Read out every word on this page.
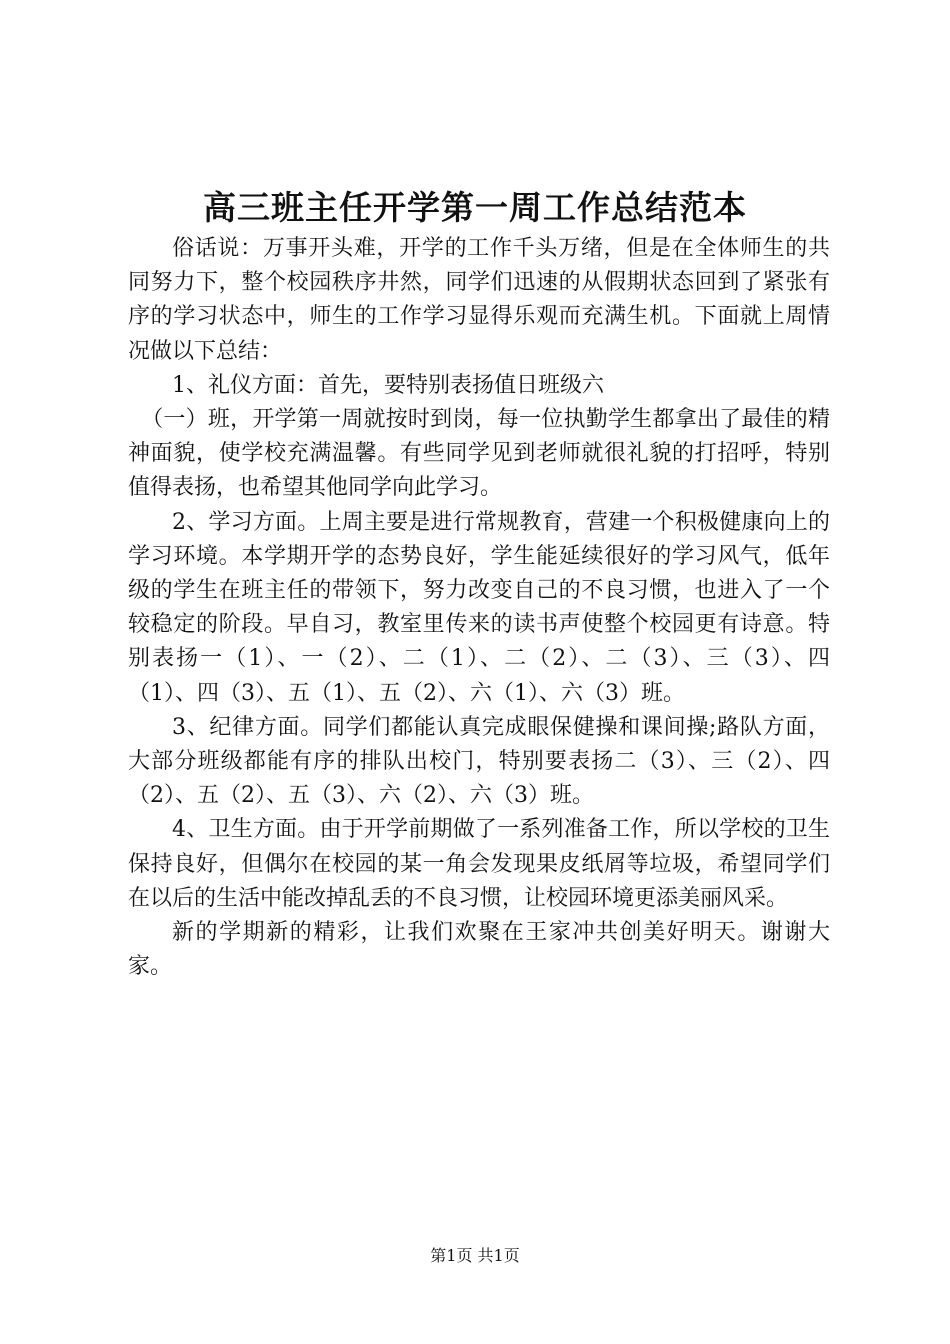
高三班主任开学第一周工作总结范本

俗话说：万事开头难，开学的工作千头万绪，但是在全体师生的共同努力下，整个校园秩序井然，同学们迅速的从假期状态回到了紧张有序的学习状态中，师生的工作学习显得乐观而充满生机。下面就上周情况做以下总结：

1、礼仪方面：首先，要特别表扬值日班级六

（一）班，开学第一周就按时到岗，每一位执勤学生都拿出了最佳的精神面貌，使学校充满温馨。有些同学见到老师就很礼貌的打招呼，特别值得表扬，也希望其他同学向此学习。

2、学习方面。上周主要是进行常规教育，营建一个积极健康向上的学习环境。本学期开学的态势良好，学生能延续很好的学习风气，低年级的学生在班主任的带领下，努力改变自己的不良习惯，也进入了一个较稳定的阶段。早自习，教室里传来的读书声使整个校园更有诗意。特别表扬一（1）、一（2）、二（1）、二（2）、二（3）、三（3）、四（1）、四（3）、五（1）、五（2）、六（1）、六（3）班。

3、纪律方面。同学们都能认真完成眼保健操和课间操;路队方面，大部分班级都能有序的排队出校门，特别要表扬二（3）、三（2）、四（2）、五（2）、五（3）、六（2）、六（3）班。

4、卫生方面。由于开学前期做了一系列准备工作，所以学校的卫生保持良好，但偶尔在校园的某一角会发现果皮纸屑等垃圾，希望同学们在以后的生活中能改掉乱丢的不良习惯，让校园环境更添美丽风采。

新的学期新的精彩，让我们欢聚在王家冲共创美好明天。谢谢大家。

第1页 共1页
